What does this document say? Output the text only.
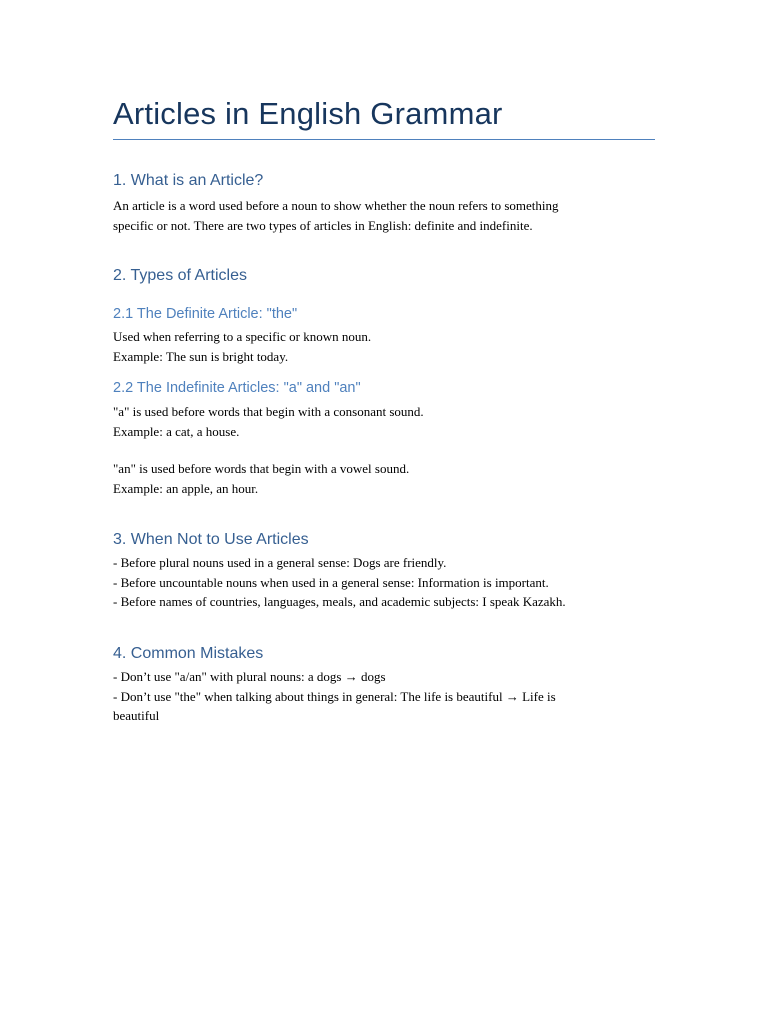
Articles in English Grammar
1. What is an Article?

An article is a word used before a noun to show whether the noun refers to something
specific or not. There are two types of articles in English: definite and indefinite.

2. Types of Articles
2.1 The Definite Article: "the"

Used when referring to a specific or known noun.
Example: The sun is bright today.

2.2 The Indefinite Articles: "a" and "an"

"a" is used before words that begin with a consonant sound.
Example: a cat, a house.

"an" is used before words that begin with a vowel sound.
Example: an apple, an hour.

3. When Not to Use Articles

- Before plural nouns used in a general sense: Dogs are friendly.
- Before uncountable nouns when used in a general sense: Information is important.
- Before names of countries, languages, meals, and academic subjects: I speak Kazakh.

4. Common Mistakes

- Don’t use "a/an" with plural nouns: a dogs → dogs
- Don’t use "the" when talking about things in general: The life is beautiful → Life is
beautiful
